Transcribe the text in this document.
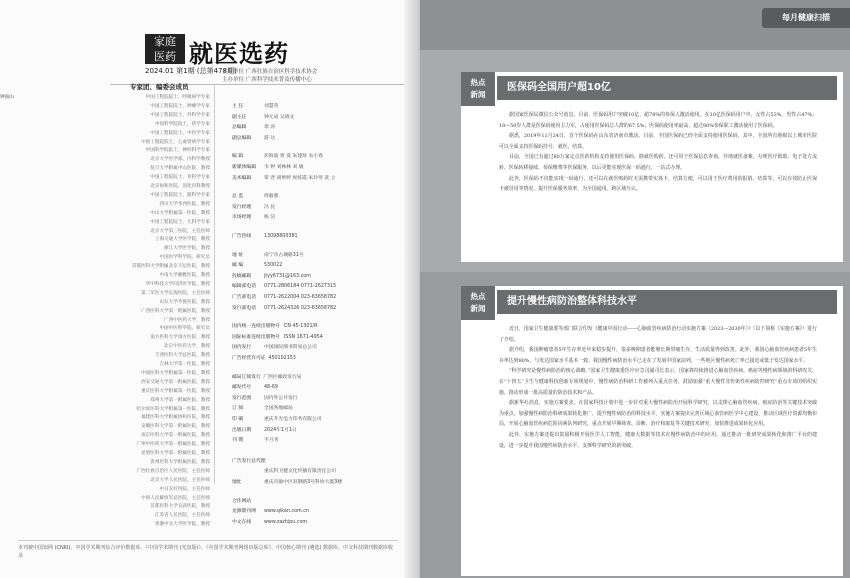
家庭
医药 就医选药
2024.01 第1期 (总第478期)
主管单位 广西壮族自治区科学技术协会
主办单位 广西科学技术普及传播中心
专家团、编委会成员
钟南山	中国工程院院士，呼吸病学专家
中国工程院院士，肿瘤学专家
中国工程院院士，外科学专家
中国科学院院士，药学专家
中国工程院院士，中医学专家
中国工程院院士，心血管病学专家
中国科学院院士，神经科学专家
北京大学医学部，内科学教授
复旦大学附属中山医院，教授
中国工程院院士，骨科学专家
北京协和医院，消化内科教授
中国工程院院士，眼科学专家
四川大学华西医院，教授
中山大学附属第一医院，教授
中国工程院院士，儿科学专家
北京大学第三医院，主任医师
上海交通大学医学院，教授
浙江大学医学院，教授
中国医学科学院，研究员
首都医科大学附属北京天坛医院，教授
中南大学湘雅医院，教授
华中科技大学同济医学院，教授
第二军医大学长海医院，主任医师
山东大学齐鲁医院，教授
广西医科大学第一附属医院，教授
广西中医药大学，教授
中国中医科学院，研究员
南方医科大学南方医院，教授
北京中医药大学，教授
天津医科大学总医院，教授
吉林大学第一医院，教授
中国医科大学附属第一医院，教授
西安交通大学第一附属医院，教授
重庆医科大学附属第一医院，教授
郑州大学第一附属医院，教授
哈尔滨医科大学附属第一医院，教授
福建医科大学附属协和医院，教授
安徽医科大学第一附属医院，教授
南京医科大学第一附属医院，教授
广州中医药大学第一附属医院，教授
昆明医科大学第一附属医院，教授
贵州医科大学附属医院，教授
广西壮族自治区人民医院，主任医师
北京大学人民医院，主任医师
中日友好医院，主任医师
中国人民解放军总医院，主任医师
首都医科大学宣武医院，教授
江苏省人民医院，主任医师
香港中文大学医学院，教授
主 任	刘慧英
副主任	钟元成 吴锦文
总编辑	余 涛
副总编辑	游 达
编 辑	彭海波 黄 爱 朱建珍 农小春
新媒体编辑 韦 婷 刘林林 刘 敏
美术编辑	覃 晋 胡婷婷 侯炫霞 朱玲琴 冼 立
总 监	周毅强
发行经理	冯 民
市场经理	杨 洁
广告热线	13098800381
地 址	南宁市古城路31号
邮 编	530022
投稿邮箱	jtyy6731@163.com
编辑部电话 0771-2806184 0771-2627315
广告部电话 0771-2622004 023-63658782
发行部电话 0771-2624326 023-63658782
国内统一连续出版物号 CN 45-1301/R
国际标准连续出版物号 ISSN 1671-4954
国内发行	中国国际图书贸易总公司
广告经营许可证 450102153
邮局订阅发行 广西区邮政发行局
邮发代号	48-69
发行范围	国内外公开发行
订 阅	全国各地邮局
印 刷	重庆升光电力印务有限公司
出版日期	2024年1月1日
刊 期	半月刊
广告发行总代理
重庆科卫健文化传播有限责任公司
地址	重庆市渝中区双钢路3号科协大厦3楼
合作网站
龙源期刊网 www.qikan.com.cn
中文在线	www.zazhipu.com
本刊被中国知网 (CNKI)、中国学术期刊综合评价数据库、《中国学术期刊 (光盘版)》、《中国学术期刊网络出版总库》、中国核心期刊 (遴选) 数据库、中文科技期刊数据库收录
每月健康扫描
热点
新闻
医保码全国用户超10亿

据国家医保局微信公众号消息，目前，医保码用户突破10亿，超78%的参保人激活使用。在10亿医保码用户中，女性占53%，男性占47%；18—50岁人群是医保码使用主力军，占使用医保码总人群的67.5%；医保码使用率最高，超过80%参保职工激活使用了医保码。

据悉，2019年11月24日，首个医保码在山东省济南市激活。目前，全国医保码已经全面支持使用医保码，其中，全国所有地级以上城市医院可以全面支持医保码挂号、就医、结算。

目前，全国已有超过80万家定点医药机构支持使用医保码，除就医购药，还可用于医保信息查询、异地就医备案、办理医疗救助、电子处方流转、医保转移接续、参保缴费等医保服务，以后更能实现医保一码通行、一站式办理。

此外，医保码不仅能实现一码通行，还可以在就医购药时无需携带实体卡，结算方便，可以用于医疗费用的报销、结算等，可以有效防止医保卡被冒用等情况，提升医保服务效率，为全国通用、跨区域互认。

热点
新闻
提升慢性病防治整体科技水平

近日，国家卫生健康委等部门联合印发《健康中国行动——心脑血管疾病防治行动实施方案（2023—2030年）》（以下简称《实施方案》）进行了介绍。

据介绍，我国肿瘤患者5年生存率近年来稳步提升，很多晚期患者能够长期带瘤生存，生活质量得到改善。此外，我国心脑血管疾病患者5年生存率达到80%，与发达国家水平基本一致。我国慢性病防治水平已走在了发展中国家前列，一些地区慢性病死亡率已接近或低于发达国家水平。

“科学研究是慢性病防治的核心战略。”国家卫生健康委医疗应急司副司长表示，国家将持续推进心脑血管疾病、癌症等慢性病领域的科研攻关，在“十四五”卫生与健康科技创新专项规划中，慢性病防治科研工作被列入重点任务，鼓励加强“重大慢性非传染性疾病防控研究”重点专项的组织实施，推动形成一批高质量的防治技术和产品。

据新华社消息，实施方案要求，在国家科技计划中进一步针对重大慢性病防治开展科学研究，以支撑心脑血管疾病、癌症防治等关键技术突破为重点，加强慢性病防治科研成果转化推广，提升慢性病防治的科技水平。实施方案提出完善区域心血管病医学中心建设，推动区域医疗资源均衡布局，开展心脑血管疾病危险因素队列研究，重点开展早期筛查、诊断、治疗和康复等关键技术研究，加快推进成果转化应用。

此外，实施方案还提出鼓励积极开展医学人工智能、健康大数据等技术在慢性病防治中的应用。通过推动一批研究成果转化和推广平台的建设，进一步提升我国慢性病防治水平，支撑科学研究的新突破。
